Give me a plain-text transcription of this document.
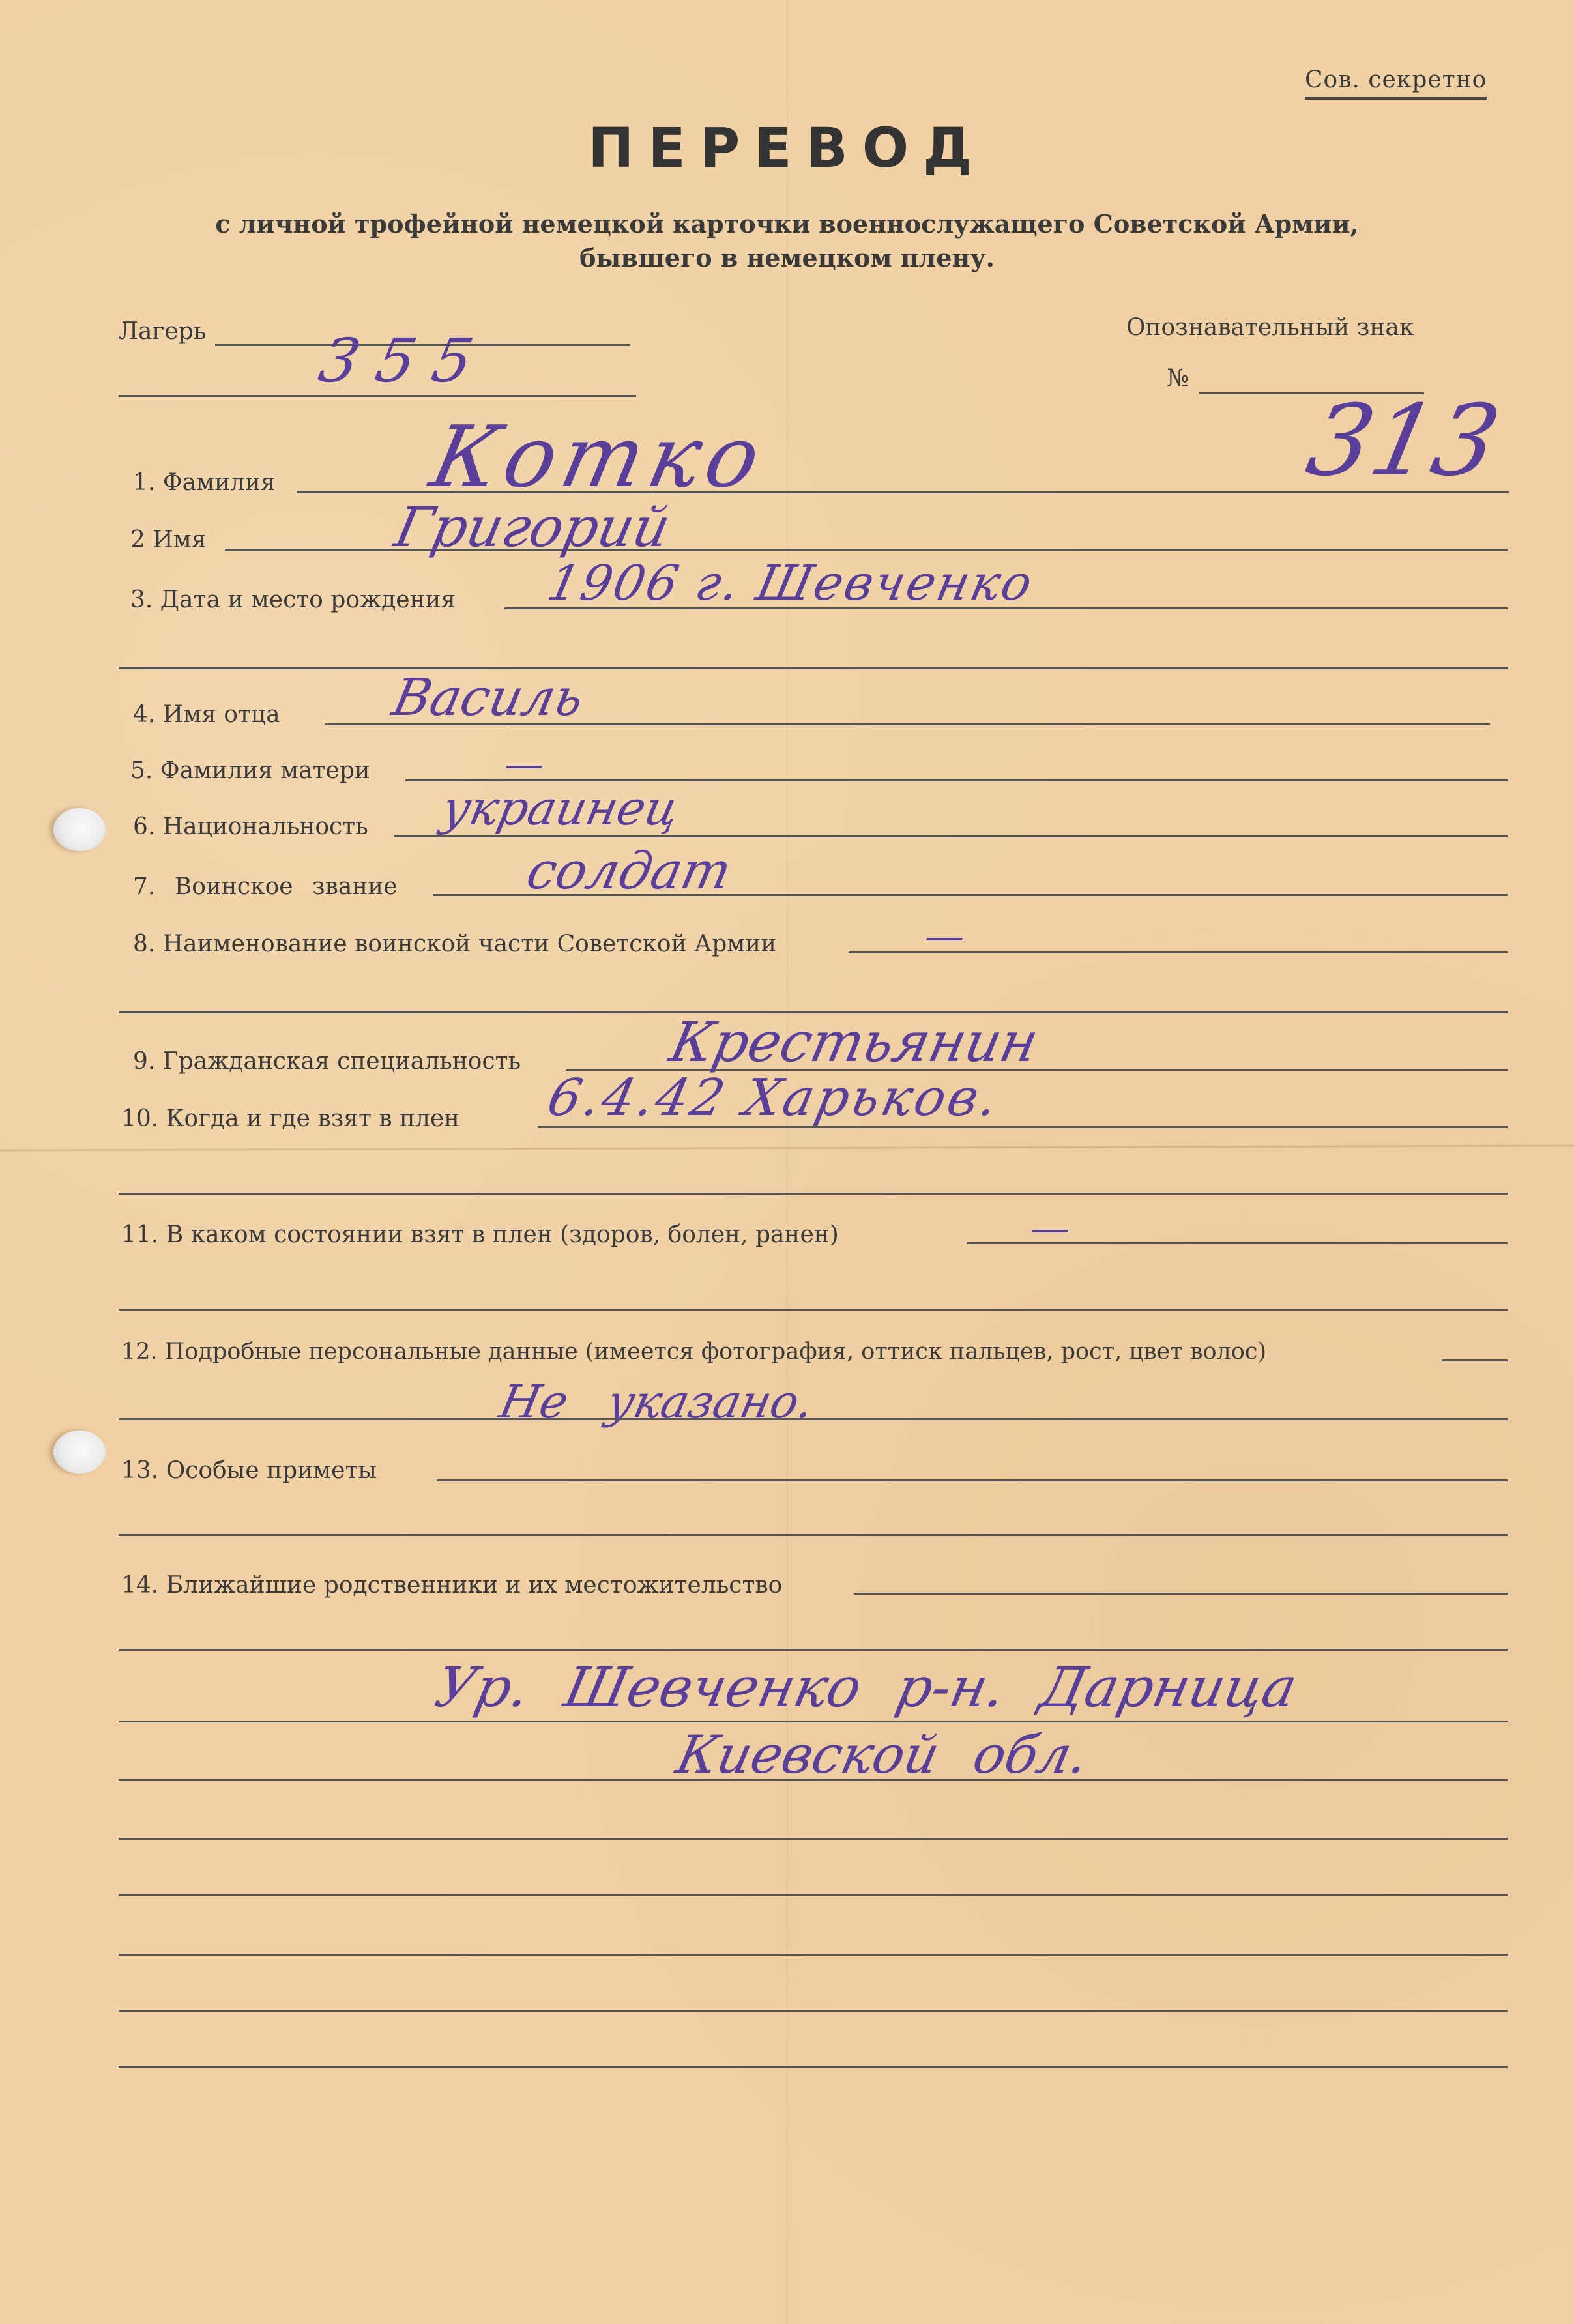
Сов. секретно
ПЕРЕВОД
с личной трофейной немецкой карточки военнослужащего Советской Армии,
бывшего в немецком плену.
Лагерь 355	Опознавательный знак
№
313
1. Фамилия Котко
2 Имя	Григорий
3. Дата и место рождения 1906 г. Шевченко
4. Имя отца Василь
5. Фамилия матери	—
6. Национальность украинец
7. Воинское звание солдат
8. Наименование воинской части Советской Армии	—
9. Гражданская специальность	Крестьянин
10. Когда и где взят в плен 6.4.42 Харьков.
11. В каком состоянии взят в плен (здоров, болен, ранен)	—
12. Подробные персональные данные (имеется фотография, оттиск пальцев, рост, цвет волос)
Не указано.
13. Особые приметы
14. Ближайшие родственники и их местожительство
Ур. Шевченко р-н. Дарница
Киевской обл.
